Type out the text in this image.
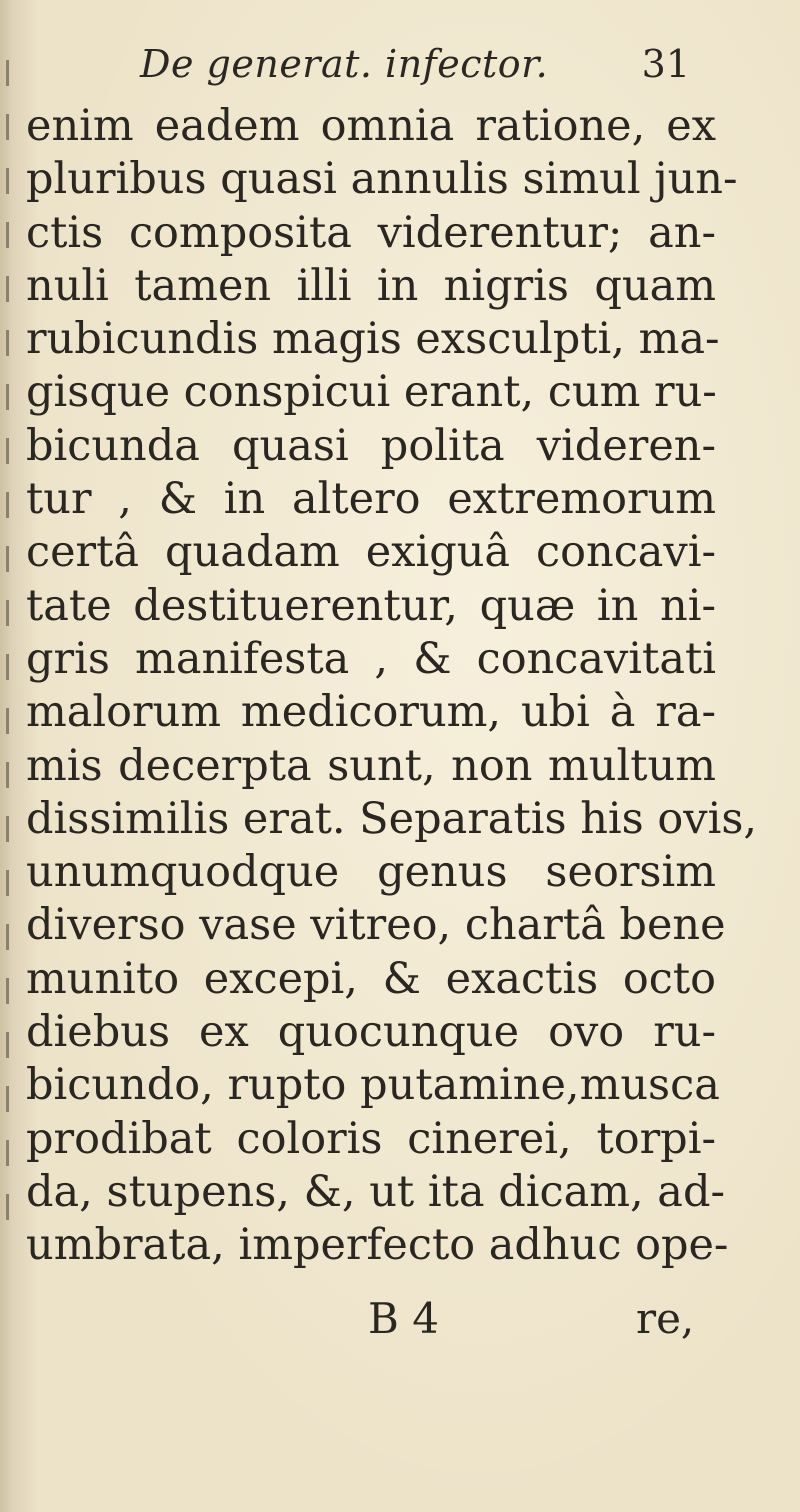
De generat. infector. 31
enim eadem omnia ratione, ex
pluribus quasi annulis simul jun-
ctis composita viderentur; an-
nuli tamen illi in nigris quam
rubicundis magis exsculpti, ma-
gisque conspicui erant, cum ru-
bicunda quasi polita videren-
tur , & in altero extremorum
certâ quadam exiguâ concavi-
tate destituerentur, quæ in ni-
gris manifesta , & concavitati
malorum medicorum, ubi à ra-
mis decerpta sunt, non multum
dissimilis erat. Separatis his ovis,
unumquodque genus seorsim
diverso vase vitreo, chartâ bene
munito excepi, & exactis octo
diebus ex quocunque ovo ru-
bicundo, rupto putamine,musca
prodibat coloris cinerei, torpi-
da, stupens, &, ut ita dicam, ad-
umbrata, imperfecto adhuc ope-
B 4	re,
